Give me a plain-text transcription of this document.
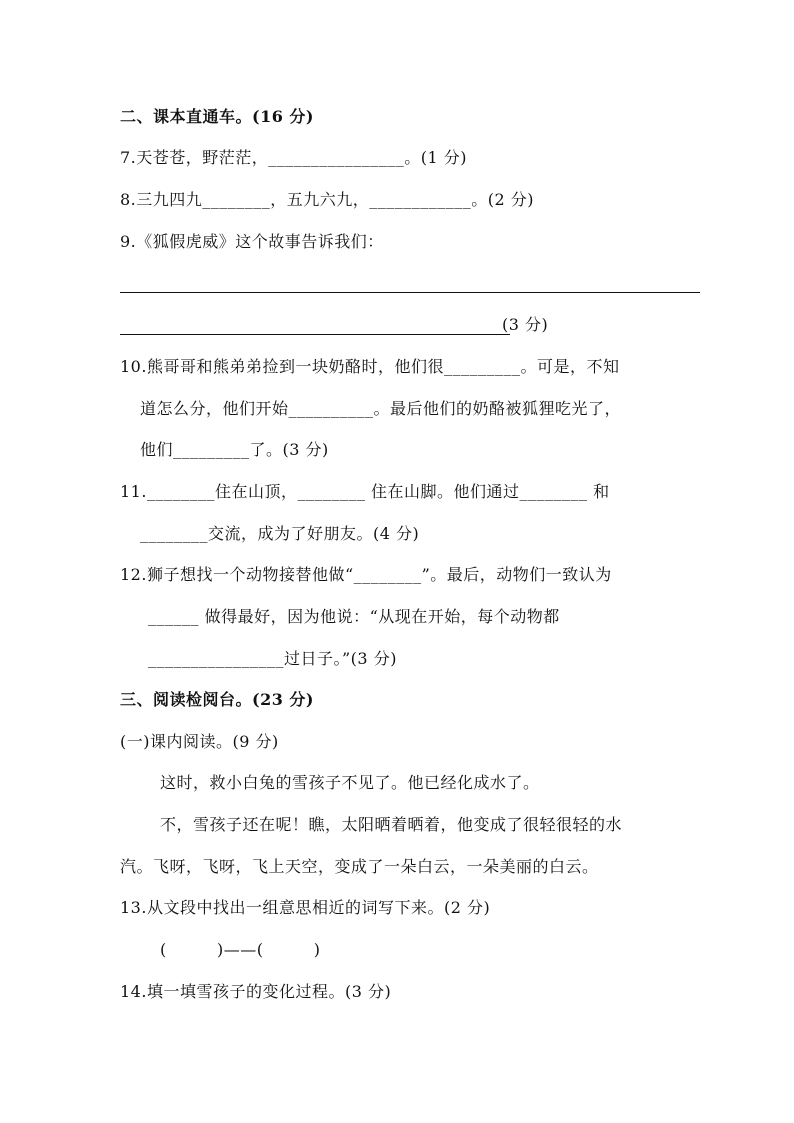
二、课本直通车。(16 分)
7.天苍苍，野茫茫，________________。(1 分)
8.三九四九________，五九六九，____________。(2 分)
9.《狐假虎威》这个故事告诉我们：
(3 分)
10.熊哥哥和熊弟弟捡到一块奶酪时，他们很_________。可是，不知
道怎么分，他们开始__________。最后他们的奶酪被狐狸吃光了，
他们_________了。(3 分)
11.________住在山顶，________ 住在山脚。他们通过________ 和
________交流，成为了好朋友。(4 分)
12.狮子想找一个动物接替他做“________”。最后，动物们一致认为
______ 做得最好，因为他说：“从现在开始，每个动物都
________________过日子。”(3 分)
三、阅读检阅台。(23 分)
(一)课内阅读。(9 分)
这时，救小白兔的雪孩子不见了。他已经化成水了。
不，雪孩子还在呢！瞧，太阳晒着晒着，他变成了很轻很轻的水
汽。飞呀，飞呀，飞上天空，变成了一朵白云，一朵美丽的白云。
13.从文段中找出一组意思相近的词写下来。(2 分)
(         )——(         )
14.填一填雪孩子的变化过程。(3 分)
